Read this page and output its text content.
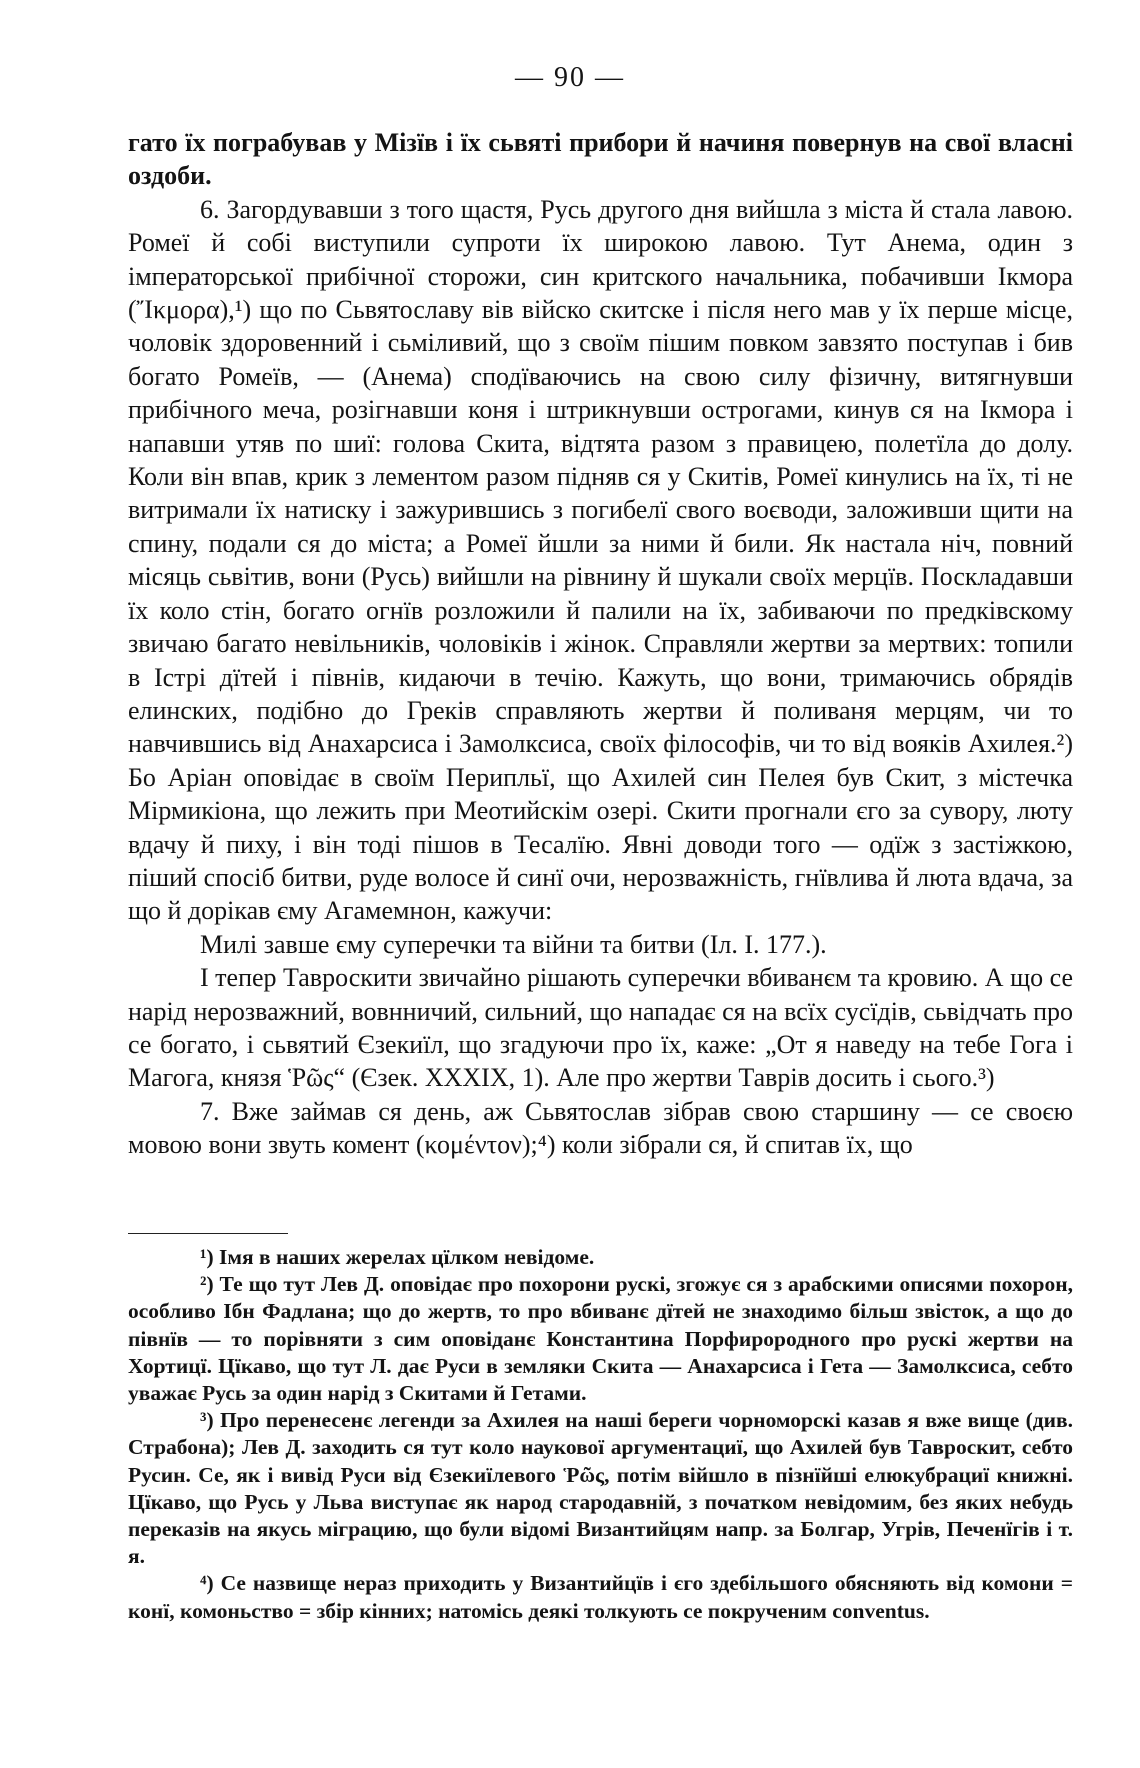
— 90 —

гато їх пограбував у Мізїв і їх сьвяті прибори й начиня повернув на свої власні оздоби.

6. Загордувавши з того щастя, Русь другого дня вийшла з міста й стала лавою. Ромеї й собі виступили супроти їх широкою лавою. Тут Анема, один з імператорської прибічної сторожи, син критского начальника, побачивши Ікмора (Ἴκμορα),¹) що по Сьвятославу вів війско скитске і після него мав у їх перше місце, чоловік здоровенний і сьміливий, що з своїм пішим повком завзято поступав і бив богато Ромеїв, — (Анема) сподїваючись на свою силу фізичну, витягнувши прибічного меча, розігнавши коня і штрикнувши острогами, кинув ся на Ікмора і напавши утяв по шиї: голова Скита, відтята разом з правицею, полетїла до долу. Коли він впав, крик з лементом разом підняв ся у Скитів, Ромеї кинулись на їх, ті не витримали їх натиску і зажурившись з погибелї свого воєводи, заложивши щити на спину, подали ся до міста; а Ромеї йшли за ними й били. Як настала ніч, повний місяць сьвітив, вони (Русь) вийшли на рівнину й шукали своїх мерцїв. Поскладавши їх коло стін, богато огнїв розложили й палили на їх, забиваючи по предківскому звичаю багато невільників, чоловіків і жінок. Справляли жертви за мертвих: топили в Істрі дїтей і півнів, кидаючи в течію. Кажуть, що вони, тримаючись обрядів елинских, подібно до Греків справляють жертви й поливаня мерцям, чи то навчившись від Анахарсиса і Замолксиса, своїх філософів, чи то від вояків Ахилея.²) Бо Аріан оповідає в своїм Перипльї, що Ахилей син Пелея був Скит, з містечка Мірмикіона, що лежить при Меотийскім озері. Скити прогнали єго за сувору, люту вдачу й пиху, і він тоді пішов в Тесалїю. Явні доводи того — одїж з застіжкою, піший спосіб битви, руде волосе й синї очи, нерозважність, гнївлива й люта вдача, за що й дорікав єму Агамемнон, кажучи:

Милі завше єму суперечки та війни та битви (Іл. І. 177.).

І тепер Тавроскити звичайно рішають суперечки вбиванєм та кровию. А що се нарід нерозважний, вовнничий, сильний, що нападає ся на всїх сусїдів, сьвідчать про се богато, і сьвятий Єзекиїл, що згадуючи про їх, каже: „От я наведу на тебе Гога і Магога, князя Ῥῶς“ (Єзек. XXXIX, 1). Але про жертви Таврів досить і сього.³)

7. Вже займав ся день, аж Сьвятослав зібрав свою старшину — се своєю мовою вони звуть комент (κομέντον);⁴) коли зібрали ся, й спитав їх, що

¹) Імя в наших жерелах цїлком невідоме.

²) Те що тут Лев Д. оповідає про похорони рускі, згожує ся з арабскими описями похорон, особливо Ібн Фадлана; що до жертв, то про вбиванє дїтей не знаходимо більш звісток, а що до півнїв — то порівняти з сим оповіданє Константина Порфирородного про рускі жертви на Хортицї. Цїкаво, що тут Л. дає Руси в земляки Скита — Анахарсиса і Гета — Замолксиса, себто уважає Русь за один нарід з Скитами й Гетами.

³) Про перенесенє легенди за Ахилея на наші береги чорноморскі казав я вже вище (див. Страбона); Лев Д. заходить ся тут коло наукової аргументациї, що Ахилей був Тавроскит, себто Русин. Се, як і вивід Руси від Єзекиїлевого Ῥῶς, потім війшло в пізнїйші елюкубрациї книжні. Цїкаво, що Русь у Льва виступає як народ стародавній, з початком невідомим, без яких небудь переказів на якусь міграцию, що були відомі Византийцям напр. за Болгар, Угрів, Печенїгів і т. я.

⁴) Се назвище нераз приходить у Византийцїв і єго здебільшого обясняють від комони = конї, комоньство = збір кінних; натомісь деякі толкують се покрученим conventus.
